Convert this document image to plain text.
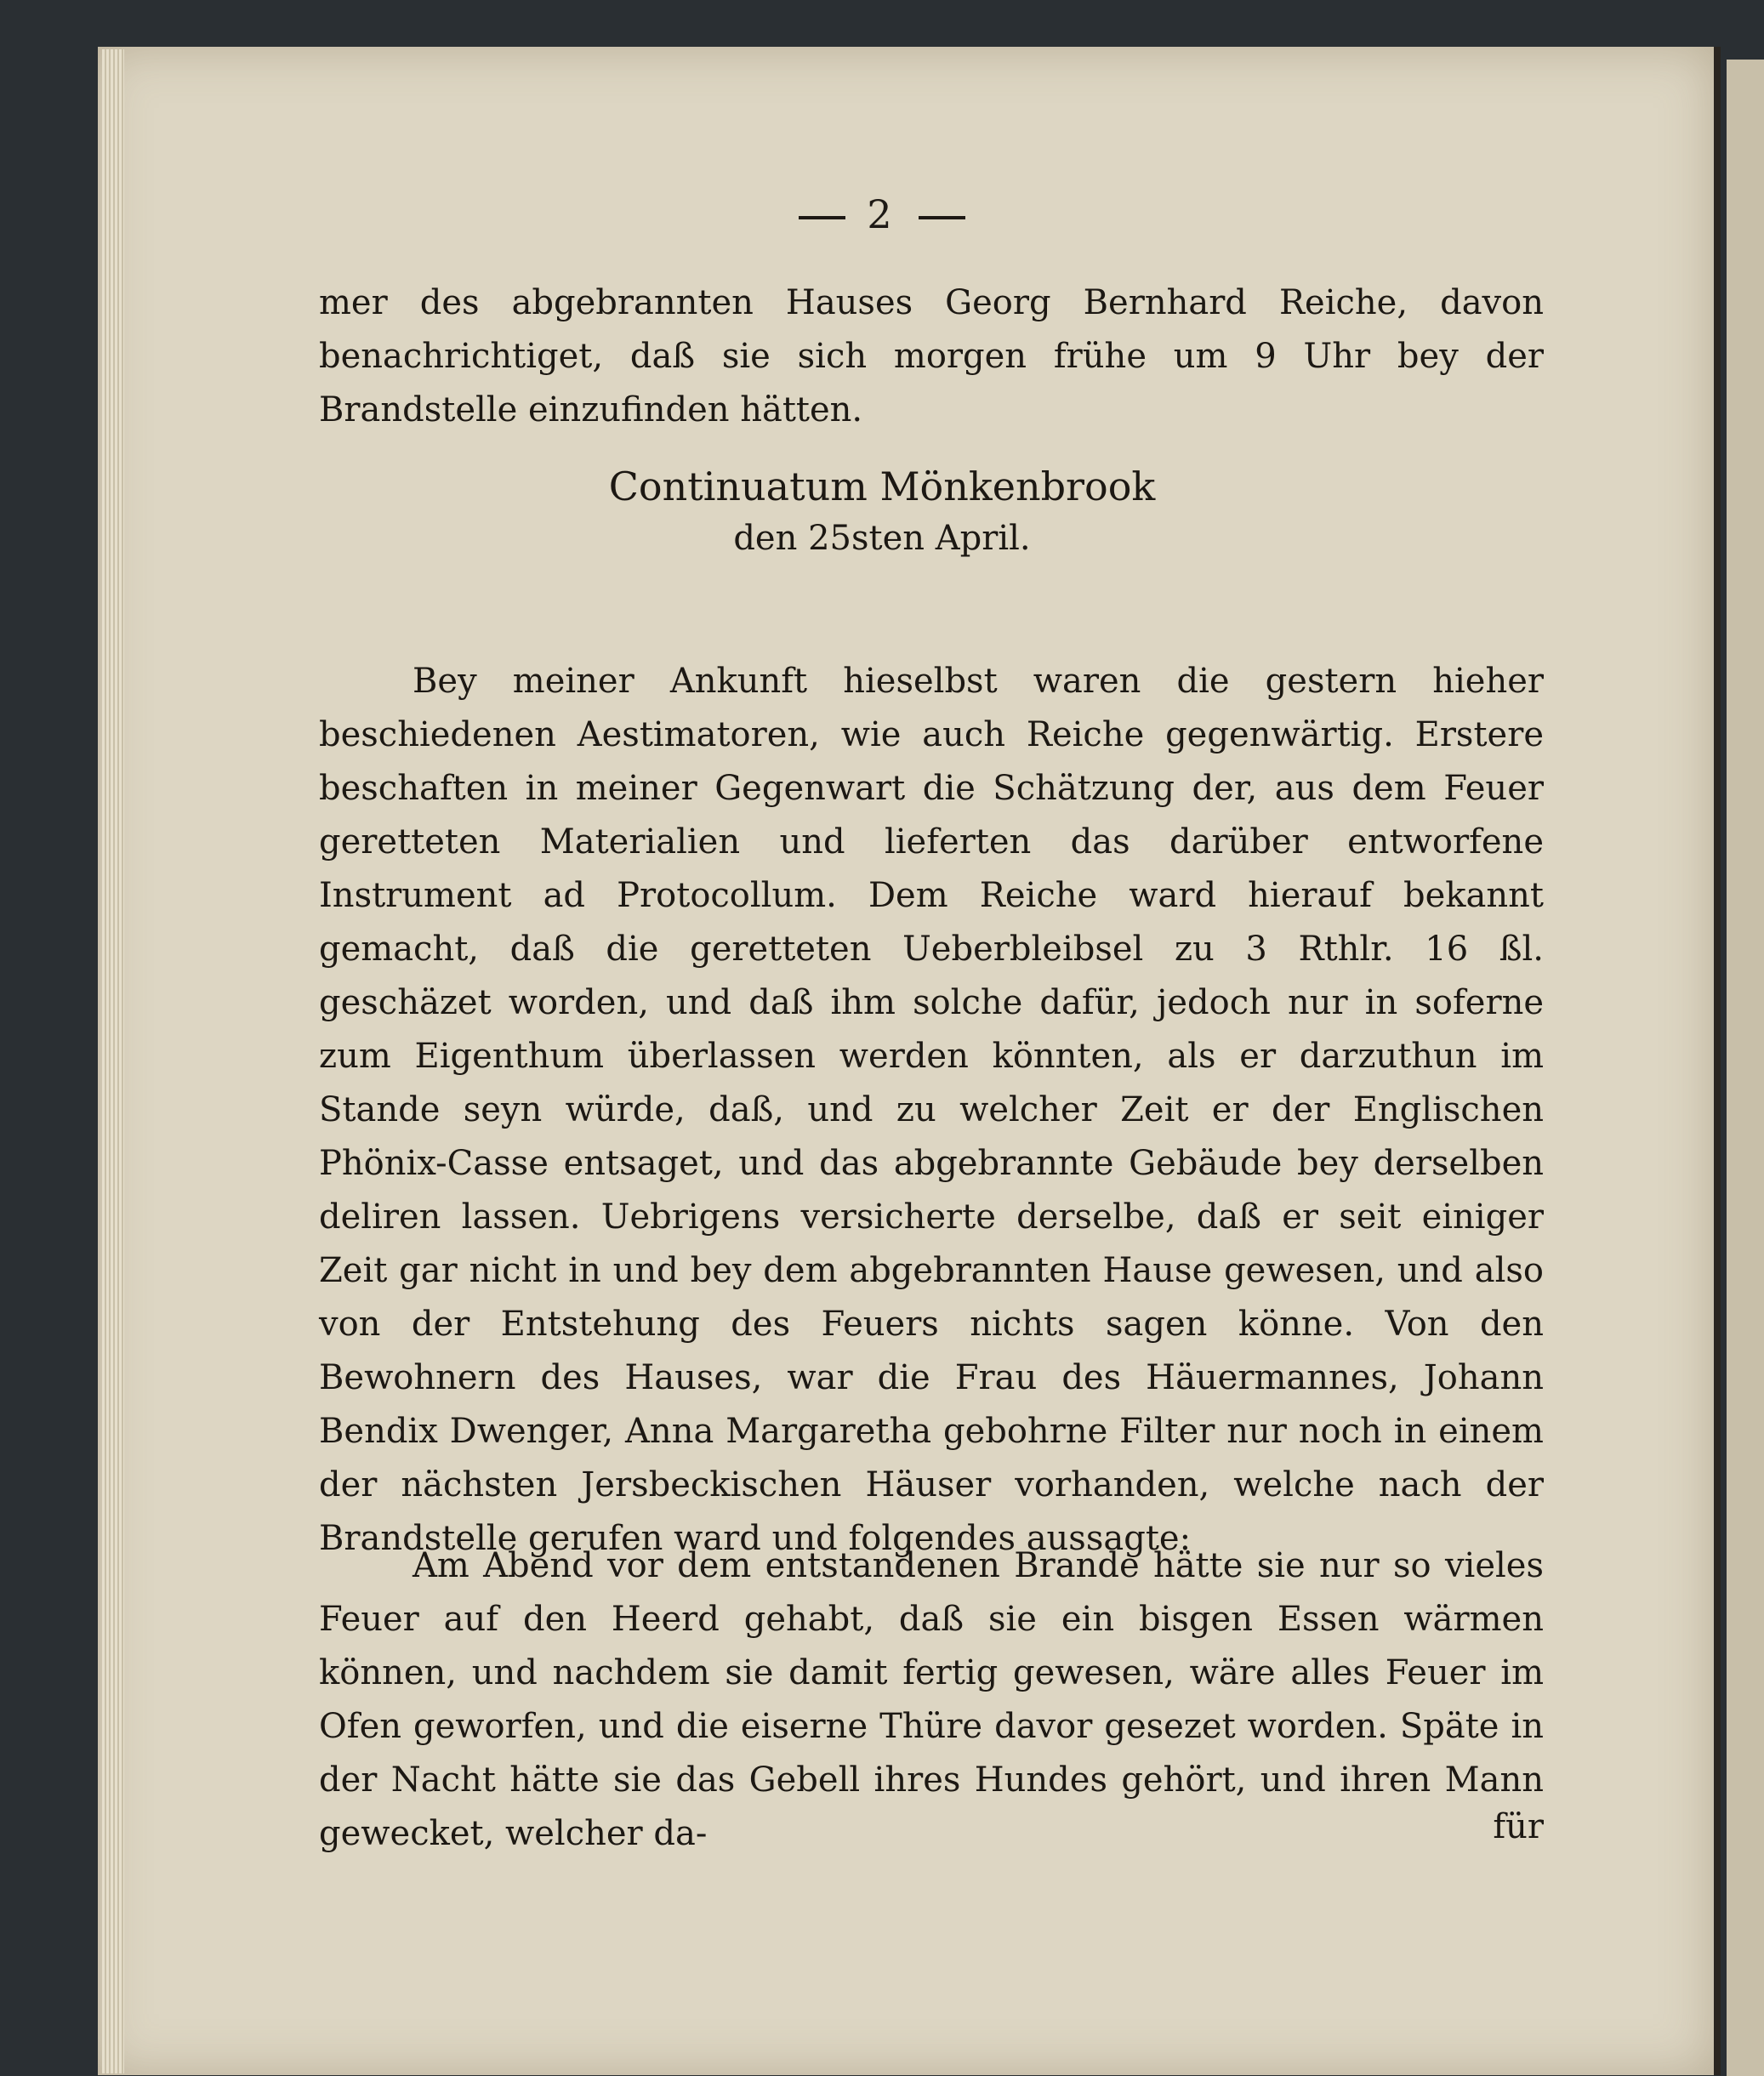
2
mer des abgebrannten Hauses Georg Bernhard Reiche, davon benachrichtiget, daß sie sich morgen frühe um 9 Uhr bey der Brandstelle einzufinden hätten.
Continuatum Mönkenbrook
den 25sten April.
Bey meiner Ankunft hieselbst waren die gestern hieher beschiedenen Aestimatoren, wie auch Reiche gegenwärtig. Erstere beschaften in meiner Gegenwart die Schätzung der, aus dem Feuer geretteten Materialien und lieferten das darüber entworfene Instrument ad Protocollum. Dem Reiche ward hierauf bekannt gemacht, daß die geretteten Ueberbleibsel zu 3 Rthlr. 16 ßl. geschäzet worden, und daß ihm solche dafür, jedoch nur in soferne zum Eigenthum überlassen werden könnten, als er darzuthun im Stande seyn würde, daß, und zu welcher Zeit er der Englischen Phönix-Casse entsaget, und das abgebrannte Gebäude bey derselben deliren lassen. Uebrigens versicherte derselbe, daß er seit einiger Zeit gar nicht in und bey dem abgebrannten Hause gewesen, und also von der Entstehung des Feuers nichts sagen könne. Von den Bewohnern des Hauses, war die Frau des Häuermannes, Johann Bendix Dwenger, Anna Margaretha gebohrne Filter nur noch in einem der nächsten Jersbeckischen Häuser vorhanden, welche nach der Brandstelle gerufen ward und folgendes aussagte:
Am Abend vor dem entstandenen Brande hätte sie nur so vieles Feuer auf den Heerd gehabt, daß sie ein bisgen Essen wärmen können, und nachdem sie damit fertig gewesen, wäre alles Feuer im Ofen geworfen, und die eiserne Thüre davor gesezet worden. Späte in der Nacht hätte sie das Gebell ihres Hundes gehört, und ihren Mann gewecket, welcher da-	für
